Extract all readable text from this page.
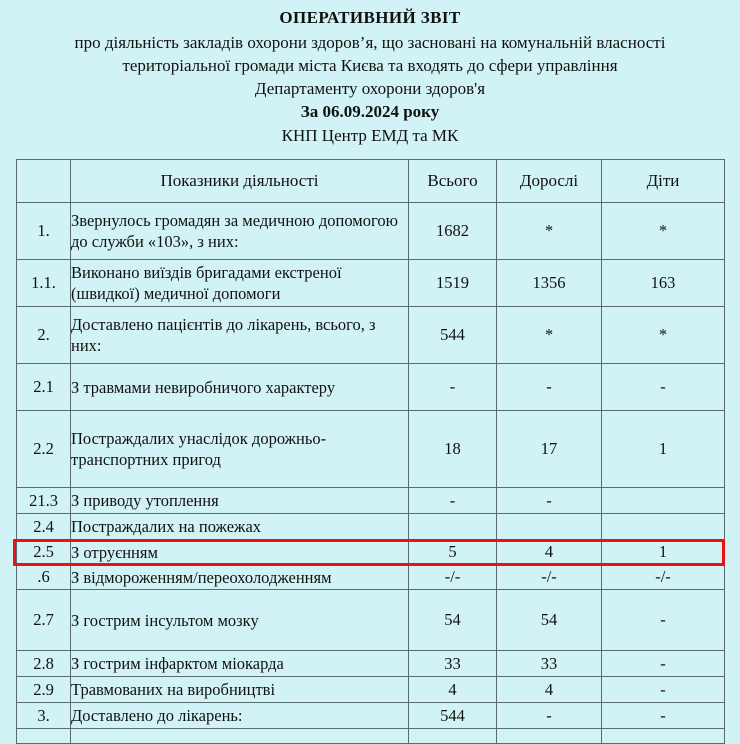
ОПЕРАТИВНИЙ ЗВІТ
про діяльність закладів охорони здоров’я, що засновані на комунальній власності
територіальної громади міста Києва та входять до сфери управління
Департаменту охорони здоров'я
За 06.09.2024 року
КНП Центр ЕМД та МК
	Показники діяльності	Всього	Дорослі	Діти
1.	Звернулось громадян за медичною допомогою до служби «103», з них:	1682	*	*
1.1.	Виконано виїздів бригадами екстреної (швидкої) медичної допомоги	1519	1356	163
2.	Доставлено пацієнтів до лікарень, всього, з них:	544	*	*
2.1	З травмами невиробничого характеру	-	-	-
2.2	Постраждалих унаслідок дорожньо-транспортних пригод	18	17	1
21.3	З приводу утоплення	-	-	
2.4	Постраждалих на пожежах			
2.5	З отруєнням	5	4	1
.6	З відмороженням/переохолодженням	-/-	-/-	-/-
2.7	З гострим інсультом мозку	54	54	-
2.8	З гострим інфарктом міокарда	33	33	-
2.9	Травмованих на виробництві	4	4	-
3.	Доставлено до лікарень:	544	-	-
